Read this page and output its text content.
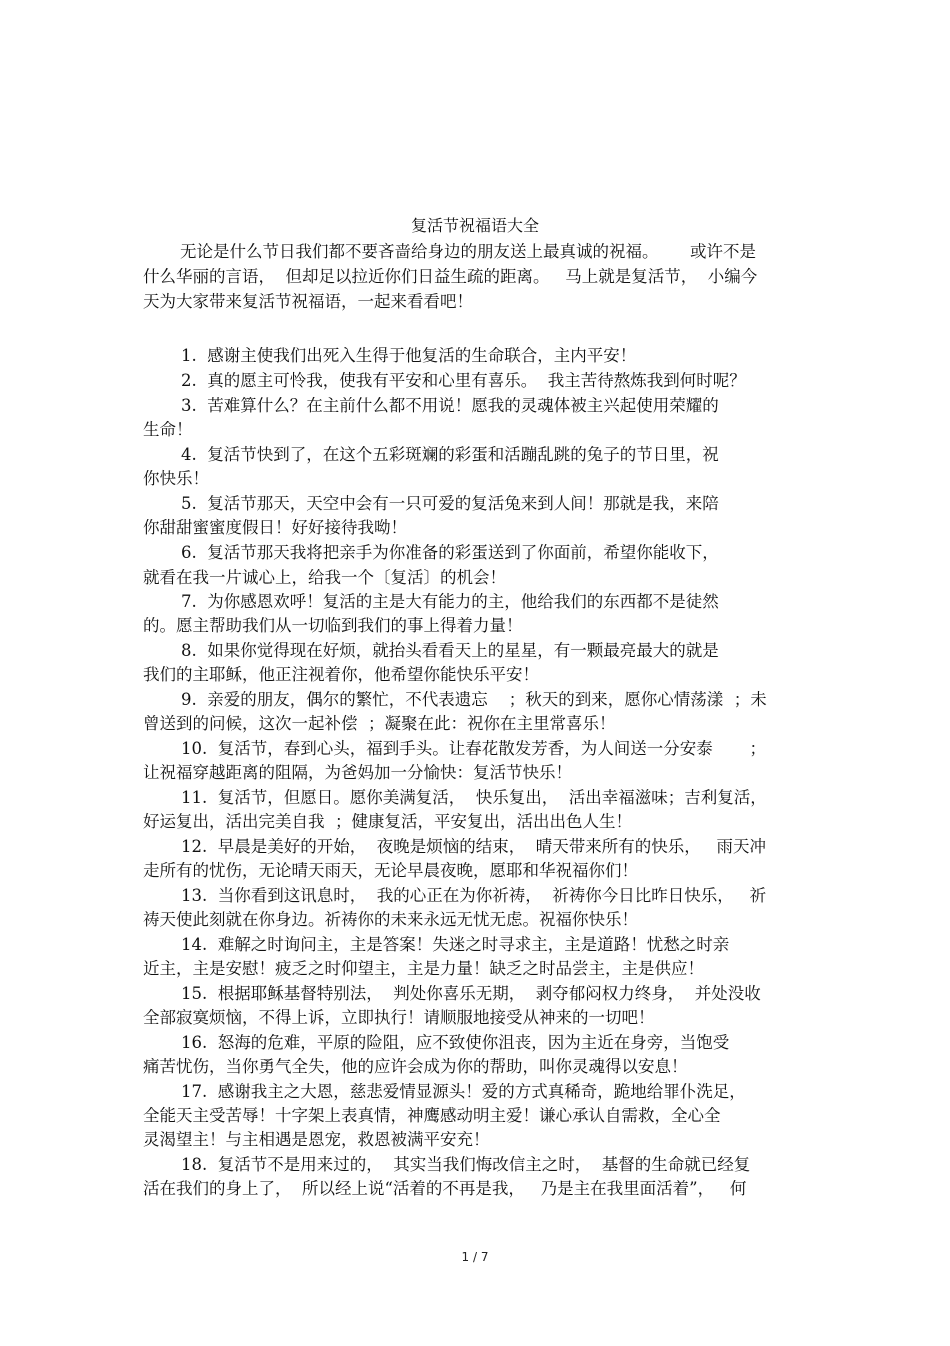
复活节祝福语大全
无论是什么节日我们都不要吝啬给身边的朋友送上最真诚的祝福。      或许不是
什么华丽的言语，  但却足以拉近你们日益生疏的距离。   马上就是复活节，  小编今
天为大家带来复活节祝福语，一起来看看吧！
1.  感谢主使我们出死入生得于他复活的生命联合，主内平安！
2.  真的愿主可怜我，使我有平安和心里有喜乐。  我主苦待熬炼我到何时呢？
3.  苦难算什么？在主前什么都不用说！愿我的灵魂体被主兴起使用荣耀的
生命！
4.  复活节快到了，在这个五彩斑斓的彩蛋和活蹦乱跳的兔子的节日里，祝
你快乐！
5.  复活节那天，天空中会有一只可爱的复活兔来到人间！那就是我，来陪
你甜甜蜜蜜度假日！好好接待我呦！
6.  复活节那天我将把亲手为你准备的彩蛋送到了你面前，希望你能收下，
就看在我一片诚心上，给我一个〔复活〕的机会！
7.  为你感恩欢呼！复活的主是大有能力的主，他给我们的东西都不是徒然
的。愿主帮助我们从一切临到我们的事上得着力量！
8.  如果你觉得现在好烦，就抬头看看天上的星星，有一颗最亮最大的就是
我们的主耶稣，他正注视着你，他希望你能快乐平安！
9.  亲爱的朋友，偶尔的繁忙，不代表遗忘    ；秋天的到来，愿你心情荡漾  ；未
曾送到的问候，这次一起补偿  ；凝聚在此：祝你在主里常喜乐！
10.  复活节，春到心头，福到手头。让春花散发芳香，为人间送一分安泰       ；
让祝福穿越距离的阻隔，为爸妈加一分愉快：复活节快乐！
11.  复活节，但愿日。愿你美满复活，  快乐复出，  活出幸福滋味；吉利复活，
好运复出，活出完美自我  ；健康复活，平安复出，活出出色人生！
12.  早晨是美好的开始，  夜晚是烦恼的结束，  晴天带来所有的快乐，   雨天冲
走所有的忧伤，无论晴天雨天，无论早晨夜晚，愿耶和华祝福你们！
13.  当你看到这讯息时，  我的心正在为你祈祷，  祈祷你今日比昨日快乐，   祈
祷天使此刻就在你身边。祈祷你的未来永远无忧无虑。祝福你快乐！
14.  难解之时询问主，主是答案！失迷之时寻求主，主是道路！忧愁之时亲
近主，主是安慰！疲乏之时仰望主，主是力量！缺乏之时品尝主，主是供应！
15.  根据耶稣基督特别法，  判处你喜乐无期，  剥夺郁闷权力终身，  并处没收
全部寂寞烦恼，不得上诉，立即执行！请顺服地接受从神来的一切吧！
16.  怒海的危难，平原的险阻，应不致使你沮丧，因为主近在身旁，当饱受
痛苦忧伤，当你勇气全失，他的应许会成为你的帮助，叫你灵魂得以安息！
17.  感谢我主之大恩，慈悲爱情显源头！爱的方式真稀奇，跪地给罪仆洗足，
全能天主受苦辱！十字架上表真情，神鹰感动明主爱！谦心承认自需救，全心全
灵渴望主！与主相遇是恩宠，救恩被满平安充！
18.  复活节不是用来过的，  其实当我们悔改信主之时，  基督的生命就已经复
活在我们的身上了，  所以经上说“活着的不再是我，   乃是主在我里面活着”，   何
1 / 7
